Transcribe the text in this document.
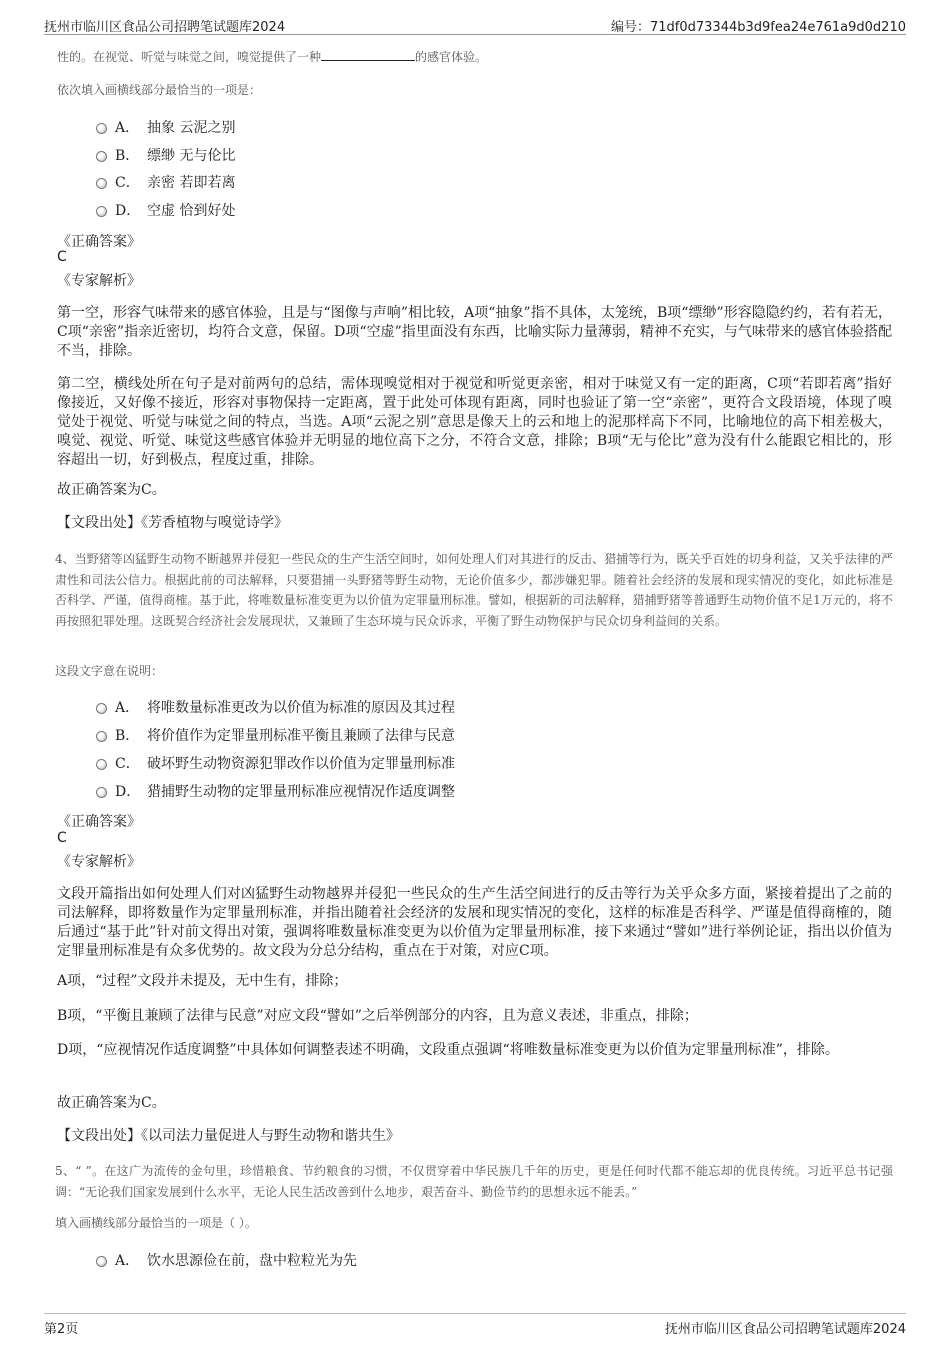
抚州市临川区食品公司招聘笔试题库2024	编号：71df0d73344b3d9fea24e761a9d0d210
性的。在视觉、听觉与味觉之间，嗅觉提供了一种	的感官体验。
依次填入画横线部分最恰当的一项是：
A． 抽象 云泥之别
B． 缥缈 无与伦比
C． 亲密 若即若离
D． 空虚 恰到好处
《正确答案》
C
《专家解析》
第一空，形容气味带来的感官体验，且是与“图像与声响”相比较，A项“抽象”指不具体，太笼统，B项“缥缈”形容隐隐约约，若有若无，C项“亲密”指亲近密切，均符合文意，保留。D项“空虚”指里面没有东西，比喻实际力量薄弱，精神不充实，与气味带来的感官体验搭配不当，排除。
第二空，横线处所在句子是对前两句的总结，需体现嗅觉相对于视觉和听觉更亲密，相对于味觉又有一定的距离，C项“若即若离”指好像接近，又好像不接近，形容对事物保持一定距离，置于此处可体现有距离，同时也验证了第一空“亲密”，更符合文段语境，体现了嗅觉处于视觉、听觉与味觉之间的特点，当选。A项“云泥之别”意思是像天上的云和地上的泥那样高下不同，比喻地位的高下相差极大，嗅觉、视觉、听觉、味觉这些感官体验并无明显的地位高下之分，不符合文意，排除；B项“无与伦比”意为没有什么能跟它相比的，形容超出一切，好到极点，程度过重，排除。
故正确答案为C。
【文段出处】《芳香植物与嗅觉诗学》
4、当野猪等凶猛野生动物不断越界并侵犯一些民众的生产生活空间时，如何处理人们对其进行的反击、猎捕等行为，既关乎百姓的切身利益，又关乎法律的严肃性和司法公信力。根据此前的司法解释，只要猎捕一头野猪等野生动物，无论价值多少，都涉嫌犯罪。随着社会经济的发展和现实情况的变化，如此标准是否科学、严谨，值得商榷。基于此，将唯数量标准变更为以价值为定罪量刑标准。譬如，根据新的司法解释，猎捕野猪等普通野生动物价值不足1万元的，将不再按照犯罪处理。这既契合经济社会发展现状，又兼顾了生态环境与民众诉求，平衡了野生动物保护与民众切身利益间的关系。
这段文字意在说明：
A． 将唯数量标准更改为以价值为标准的原因及其过程
B． 将价值作为定罪量刑标准平衡且兼顾了法律与民意
C． 破坏野生动物资源犯罪改作以价值为定罪量刑标准
D． 猎捕野生动物的定罪量刑标准应视情况作适度调整
《正确答案》
C
《专家解析》
文段开篇指出如何处理人们对凶猛野生动物越界并侵犯一些民众的生产生活空间进行的反击等行为关乎众多方面，紧接着提出了之前的司法解释，即将数量作为定罪量刑标准，并指出随着社会经济的发展和现实情况的变化，这样的标准是否科学、严谨是值得商榷的，随后通过“基于此”针对前文得出对策，强调将唯数量标准变更为以价值为定罪量刑标准，接下来通过“譬如”进行举例论证，指出以价值为定罪量刑标准是有众多优势的。故文段为分总分结构，重点在于对策，对应C项。
A项，“过程”文段并未提及，无中生有，排除；
B项，“平衡且兼顾了法律与民意”对应文段“譬如”之后举例部分的内容，且为意义表述，非重点，排除；
D项，“应视情况作适度调整”中具体如何调整表述不明确，文段重点强调“将唯数量标准变更为以价值为定罪量刑标准”，排除。
故正确答案为C。
【文段出处】《以司法力量促进人与野生动物和谐共生》
5、“ ”。在这广为流传的金句里，珍惜粮食、节约粮食的习惯，不仅贯穿着中华民族几千年的历史，更是任何时代都不能忘却的优良传统。习近平总书记强调：“无论我们国家发展到什么水平，无论人民生活改善到什么地步，艰苦奋斗、勤俭节约的思想永远不能丢。”
填入画横线部分最恰当的一项是（ ）。
A． 饮水思源俭在前，盘中粒粒光为先
第2页	抚州市临川区食品公司招聘笔试题库2024
